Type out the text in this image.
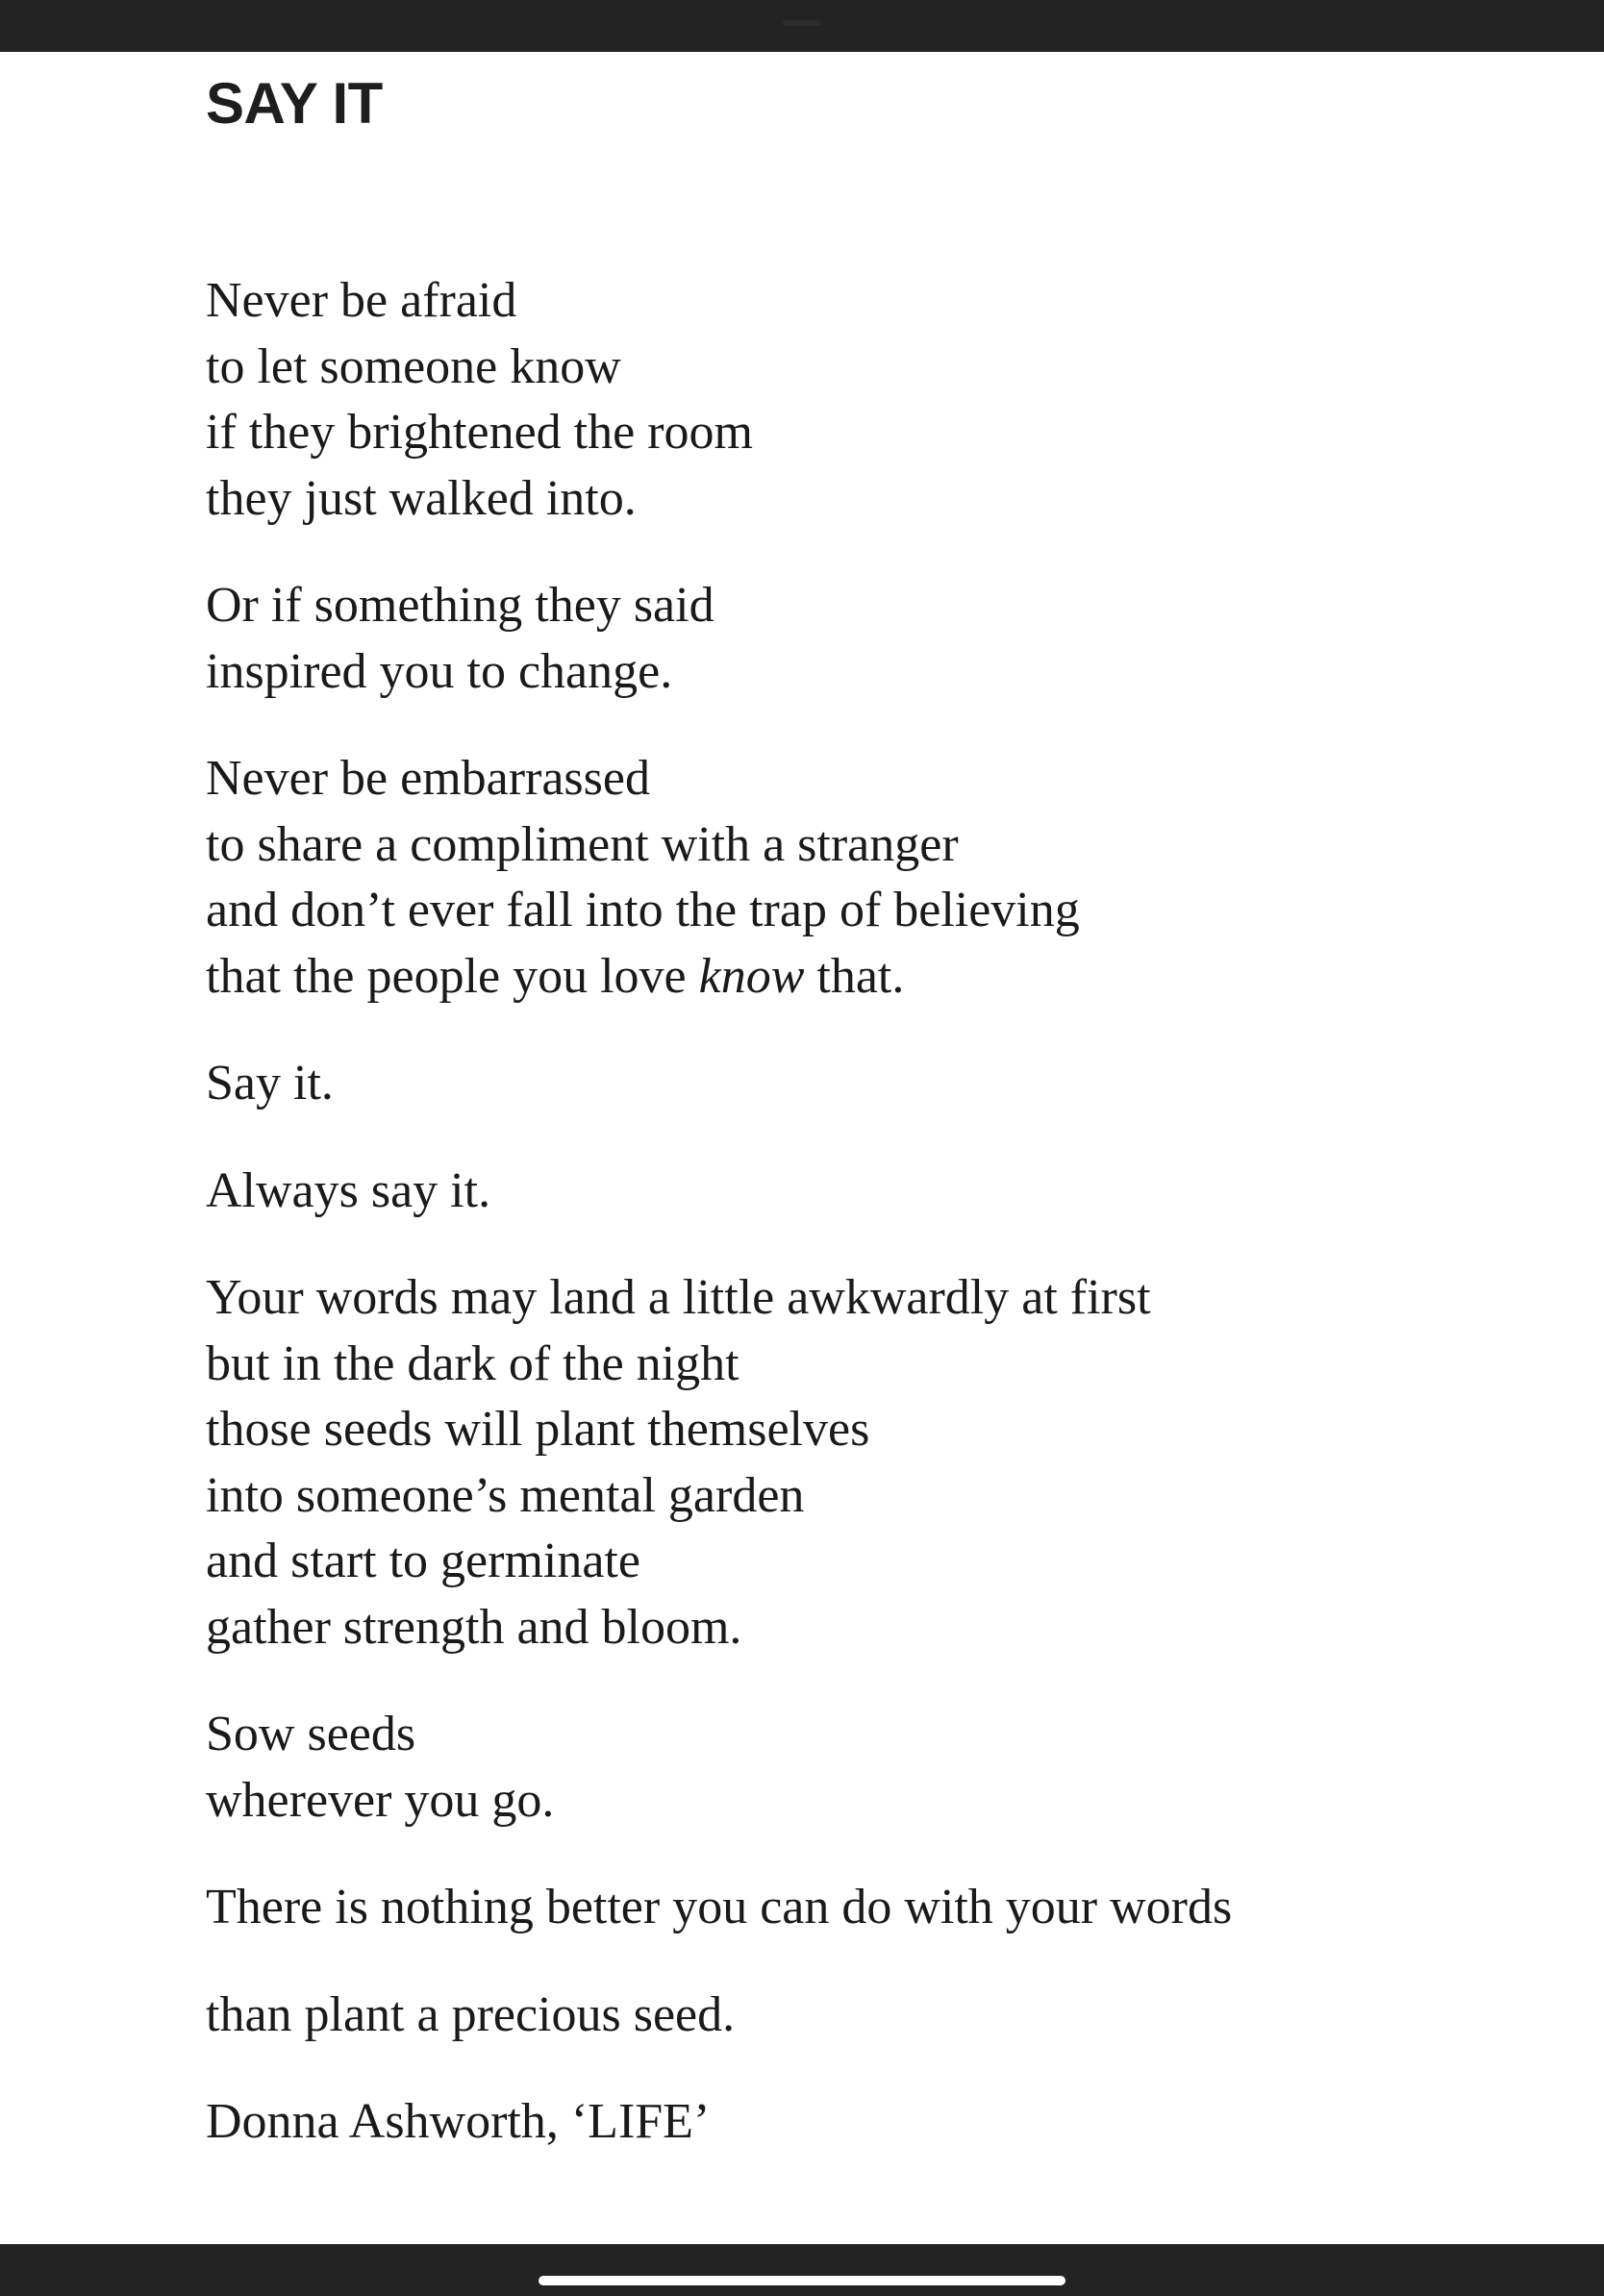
SAY IT

Never be afraid
to let someone know
if they brightened the room
they just walked into.

Or if something they said
inspired you to change.

Never be embarrassed
to share a compliment with a stranger
and don’t ever fall into the trap of believing
that the people you love know that.

Say it.

Always say it.

Your words may land a little awkwardly at first
but in the dark of the night
those seeds will plant themselves
into someone’s mental garden
and start to germinate
gather strength and bloom.

Sow seeds
wherever you go.

There is nothing better you can do with your words
than plant a precious seed.

Donna Ashworth, ‘LIFE’
